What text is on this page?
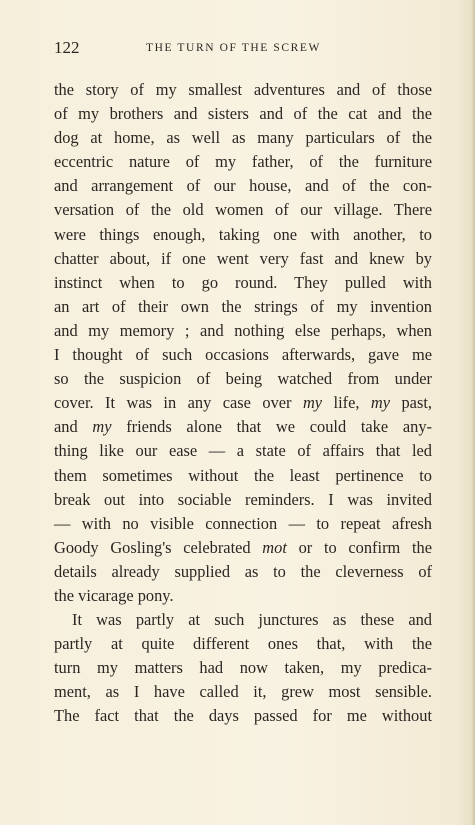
122	THE TURN OF THE SCREW
the story of my smallest adventures and of those
of my brothers and sisters and of the cat and the
dog at home, as well as many particulars of the
eccentric nature of my father, of the furniture
and arrangement of our house, and of the con-
versation of the old women of our village. There
were things enough, taking one with another, to
chatter about, if one went very fast and knew by
instinct when to go round. They pulled with
an art of their own the strings of my invention
and my memory ; and nothing else perhaps, when
I thought of such occasions afterwards, gave me
so the suspicion of being watched from under
cover. It was in any case over my life, my past,
and my friends alone that we could take any-
thing like our ease — a state of affairs that led
them sometimes without the least pertinence to
break out into sociable reminders. I was invited
— with no visible connection — to repeat afresh
Goody Gosling's celebrated mot or to confirm the
details already supplied as to the cleverness of
the vicarage pony.
It was partly at such junctures as these and
partly at quite different ones that, with the
turn my matters had now taken, my predica-
ment, as I have called it, grew most sensible.
The fact that the days passed for me without
